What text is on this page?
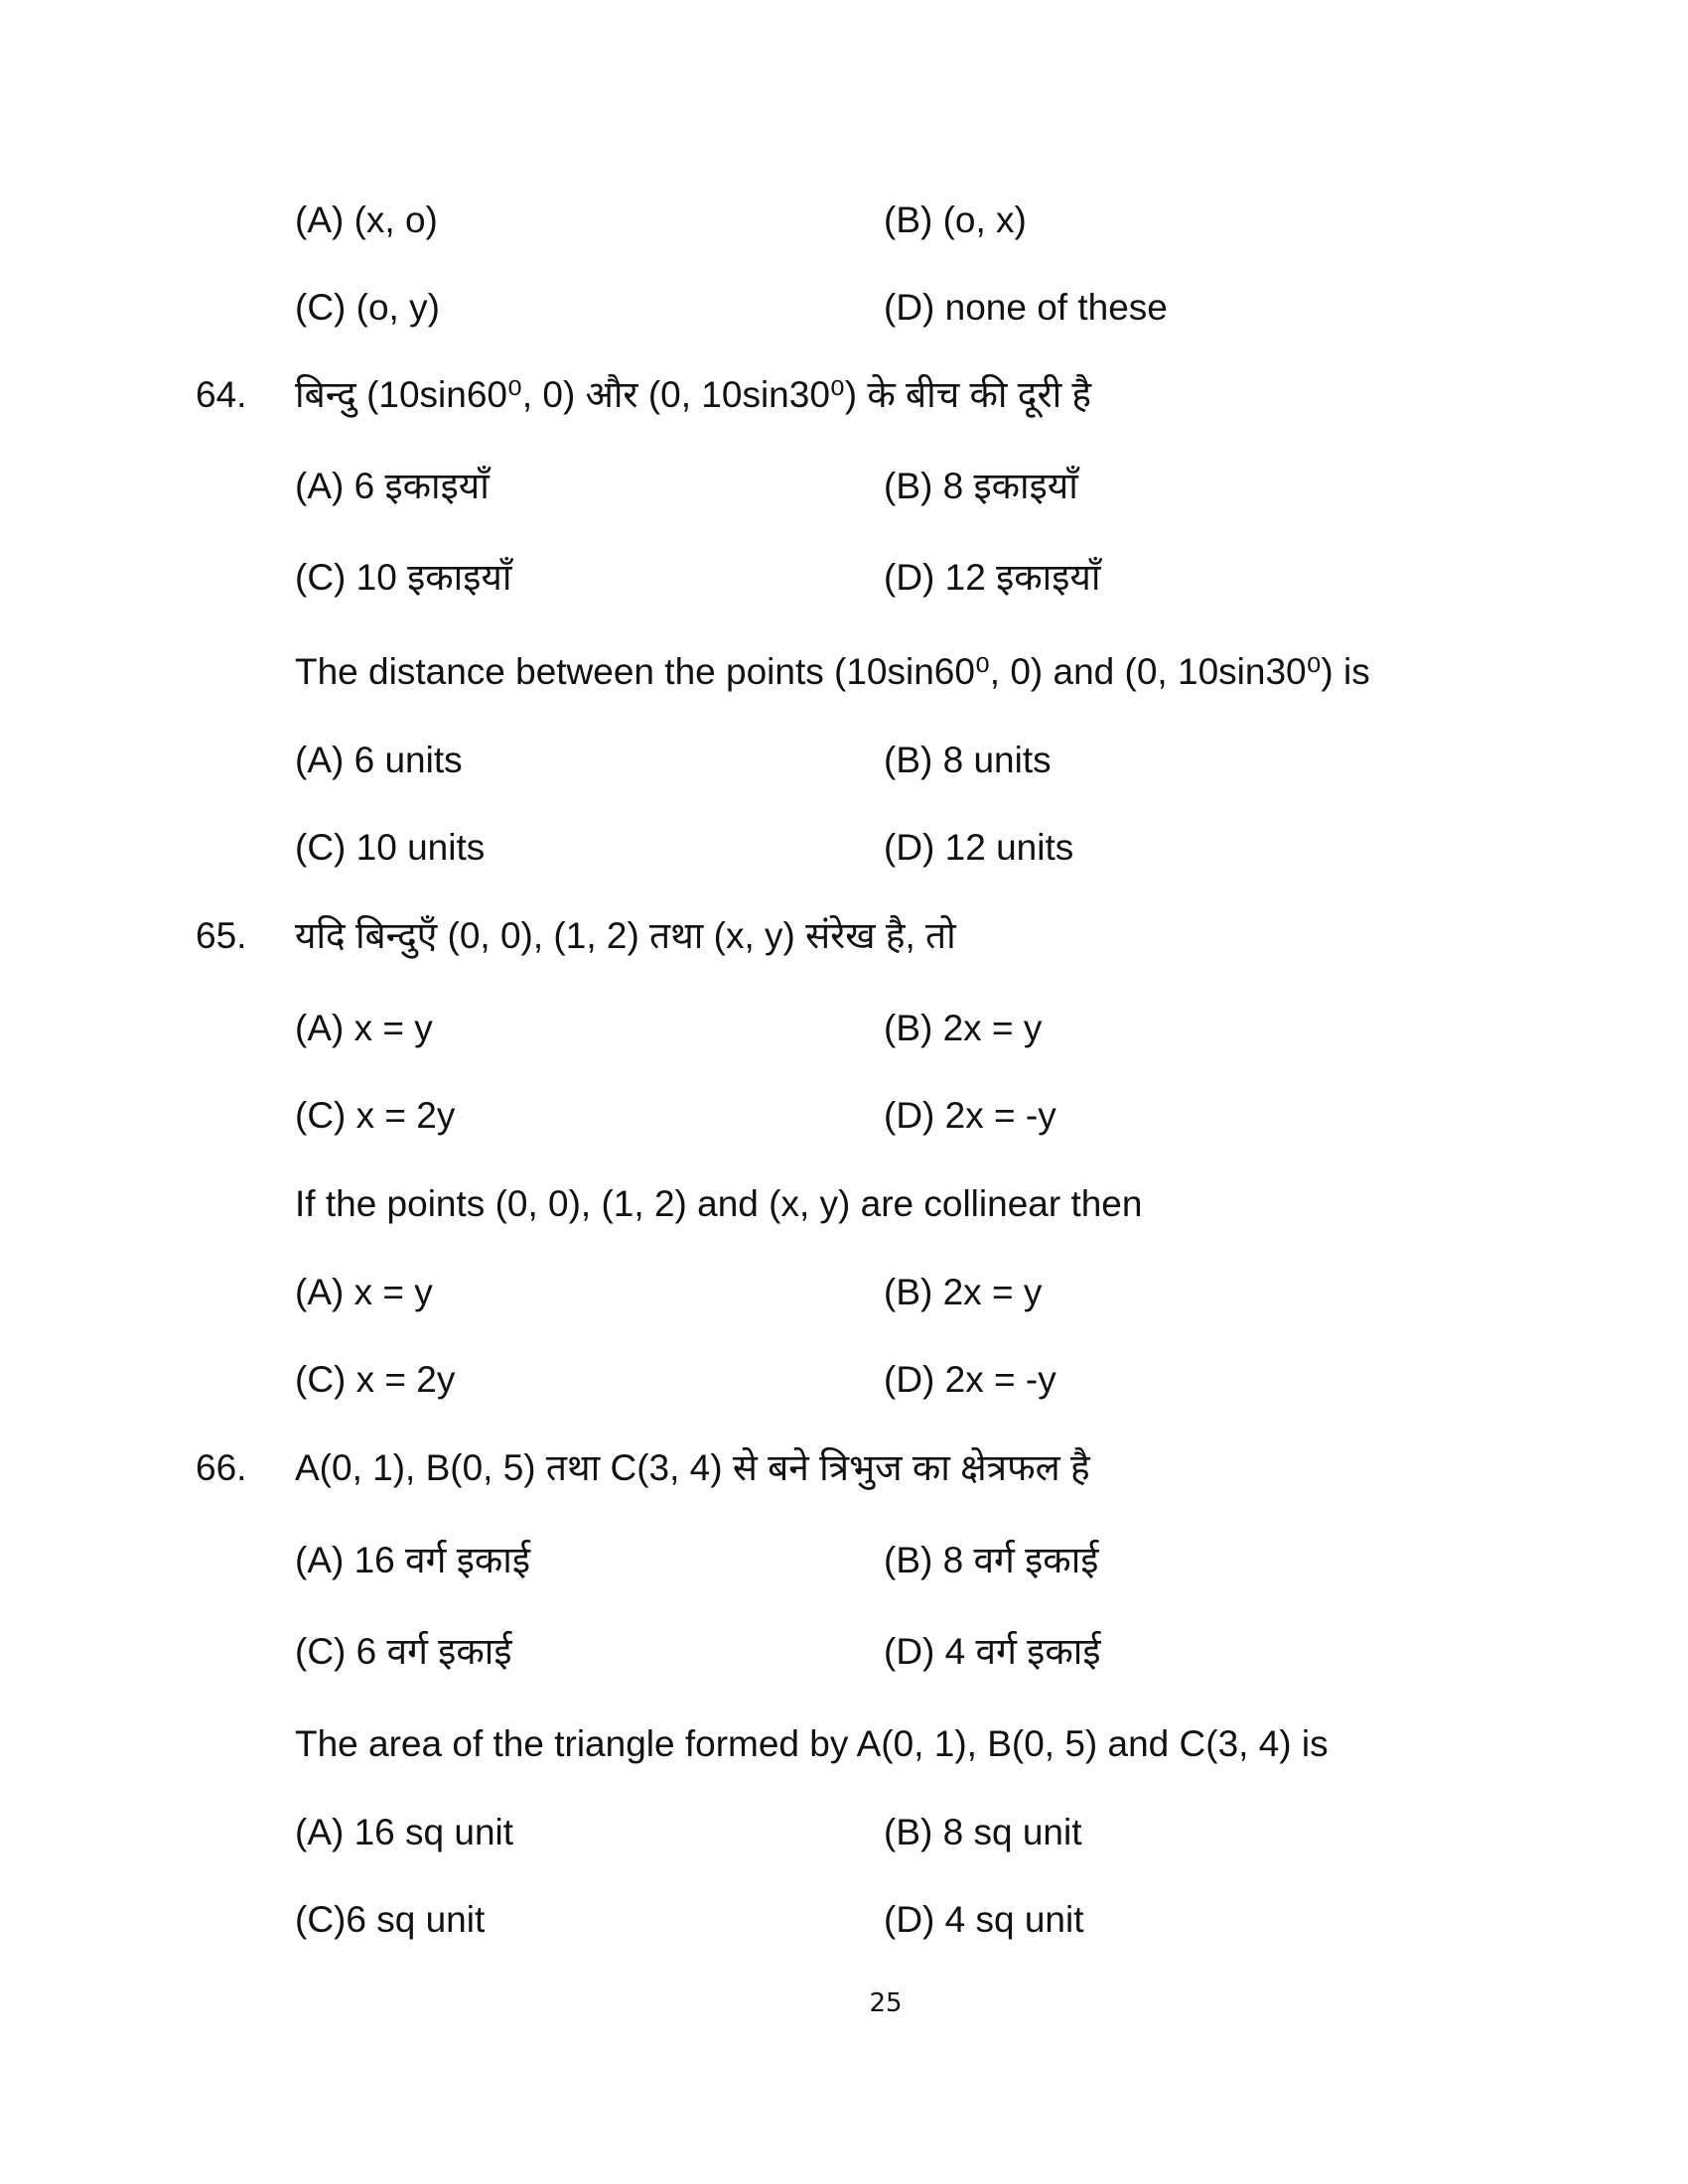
(A) (x, o)	(B) (o, x)
(C) (o, y)	(D) none of these
64. बिन्दु (10sin60⁰, 0) और (0, 10sin30⁰) के बीच की दूरी है
(A) 6 इकाइयाँ	(B) 8 इकाइयाँ
(C) 10 इकाइयाँ	(D) 12 इकाइयाँ
The distance between the points (10sin60⁰, 0) and (0, 10sin30⁰) is
(A) 6 units	(B) 8 units
(C) 10 units	(D) 12 units
65. यदि बिन्दुएँ (0, 0), (1, 2) तथा (x, y) संरेख है, तो
(A) x = y	(B) 2x = y
(C) x = 2y	(D) 2x = -y
If the points (0, 0), (1, 2) and (x, y) are collinear then
(A) x = y	(B) 2x = y
(C) x = 2y	(D) 2x = -y
66. A(0, 1), B(0, 5) तथा C(3, 4) से बने त्रिभुज का क्षेत्रफल है
(A) 16 वर्ग इकाई	(B) 8 वर्ग इकाई
(C) 6 वर्ग इकाई	(D) 4 वर्ग इकाई
The area of the triangle formed by A(0, 1), B(0, 5) and C(3, 4) is
(A) 16 sq unit	(B) 8 sq unit
(C)6 sq unit	(D) 4 sq unit
25
